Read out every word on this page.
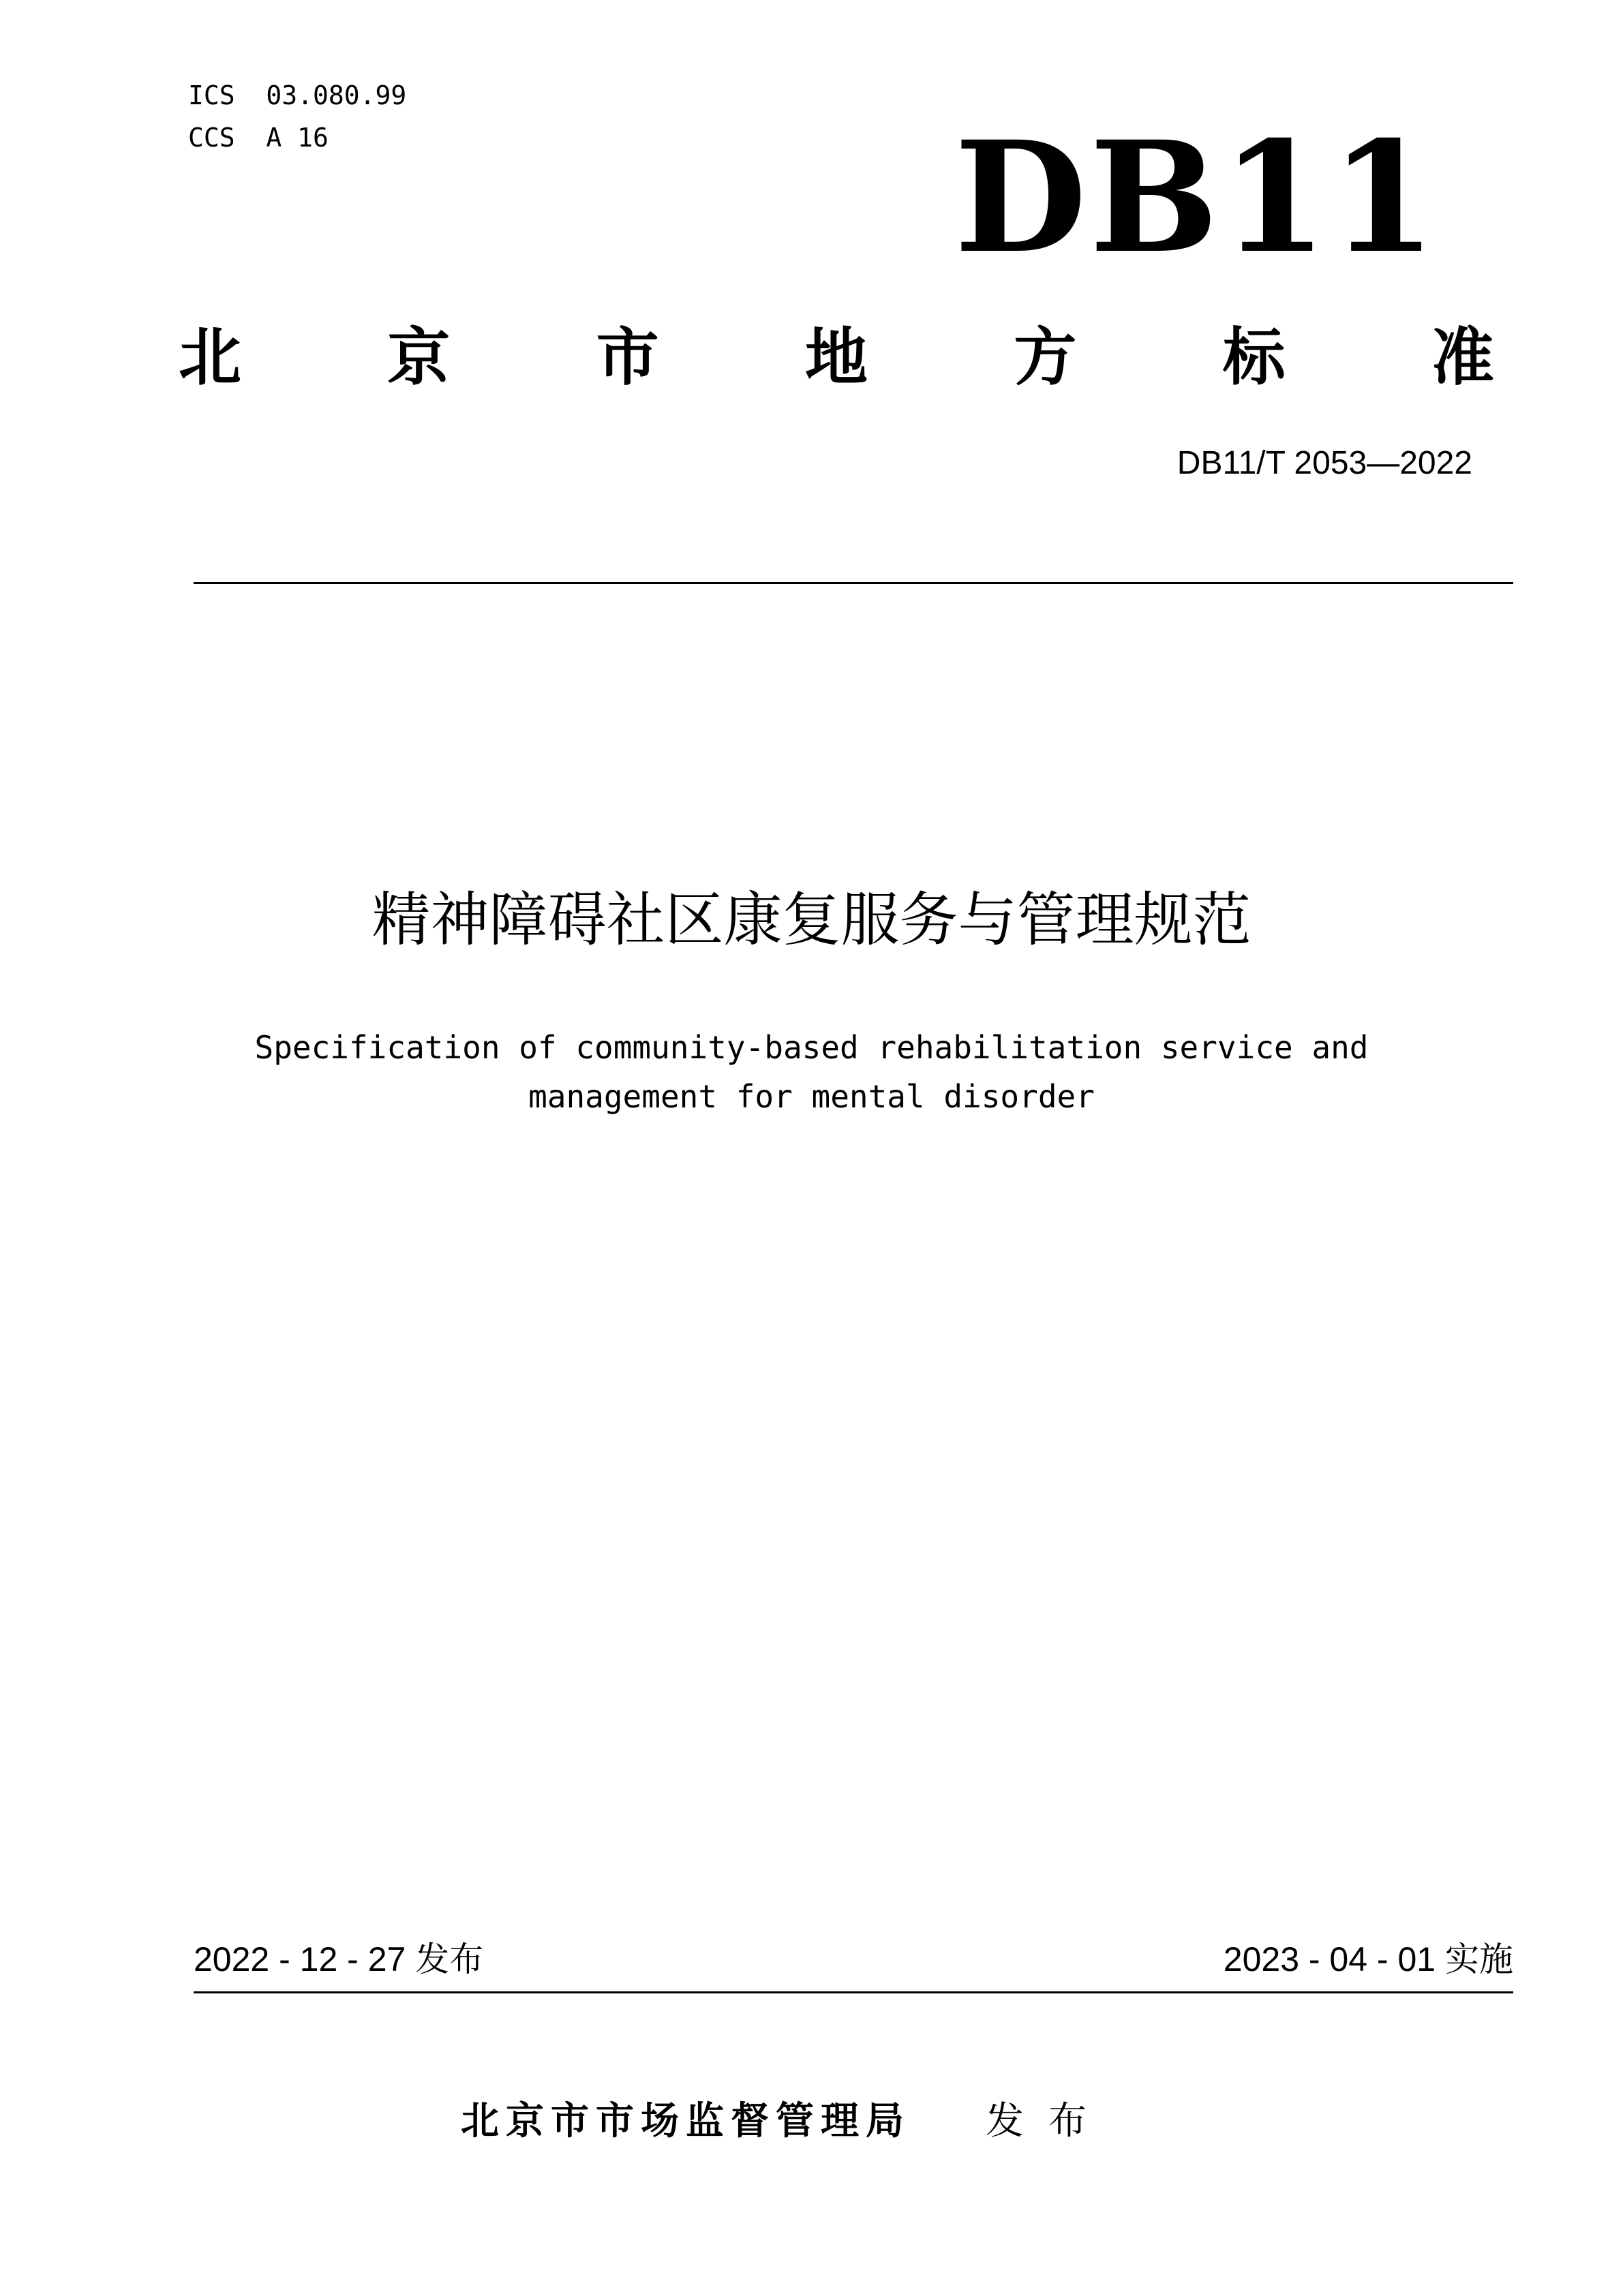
ICS  03.080.99
CCS  A 16	DB11
北 京 市 地 方 标 准
DB11/T 2053—2022
精神障碍社区康复服务与管理规范
Specification of community-based rehabilitation service and
management for mental disorder
2022 - 12 - 27 发布	2023 - 04 - 01 实施
北京市市场监督管理局 发布
